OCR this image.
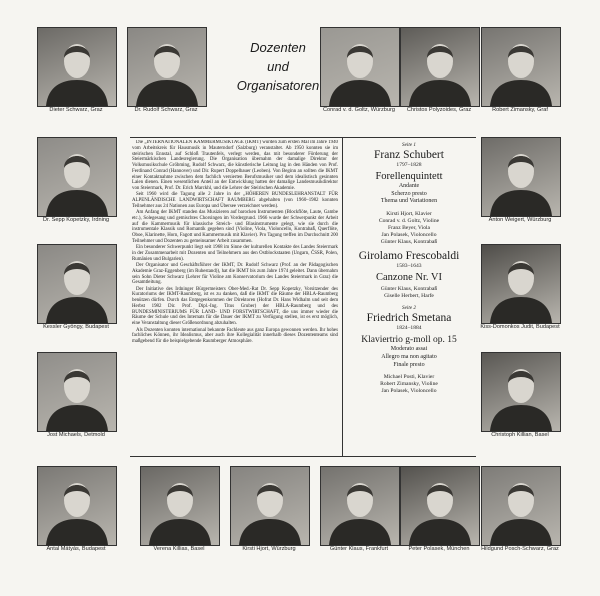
Dozenten
und
Organisatoren
Dieter Schwarz, Graz	Dr. Rudolf Schwarz, Graz	Conrad v. d. Goltz, Würzburg	Christos Polyzoides, Graz	Robert Zimansky, Graf
Dr. Sepp Kopetzky, Irdning	Anton Weigert, Würzburg
Kessler Gyöngy, Budapest	Kiss-Domonkos Judit, Budapest
Jost Michaels, Detmold	Christoph Killian, Basel
Antal Mátyás, Budapest	Verena Killias, Basel	Kirsti Hjort, Würzburg	Günter Klaus, Frankfurt	Peter Polasek, München	Hildgund Posch-Schwarz, Graz

Die „INTERNATIONALEN KAMMERMUSIKTAGE (IKMT) wurden zum ersten Mal im Jahre 1940 vom Arbeitskreis für Hausmusik in Mauterndorf (Salzburg) veranstaltet. Ab 1950 konnten sie im steirischen Ennstal, auf Schloß Trautenfels, verlegt werden, das mit besonderer Förderung der Steiermärkischen Landesregierung. Die Organisation übernahm der damalige Direktor der Volksmusikschule Gröbming, Rudolf Schwarz, die künstlerische Leitung lag in den Händen von Prof. Ferdinand Conrad (Hannover) und Dir. Rupert Doppelbauer (Leoben). Von Beginn an sollten die IKMT einer Kontaktnahme zwischen dem fachlich versierten Berufsmusiker und dem idealistisch gesinnten Laien dienen. Einen wesentlichen Anteil an der Entwicklung hatten der damalige Landesmusikdirektor von Steiermark, Prof. Dr. Erich Marckhl, und die Lehrer der Steirischen Akademie.

Seit 1960 wird die Tagung alle 2 Jahre in der „HÖHEREN BUNDESLEHRANSTALT FÜR ALPENLÄNDISCHE LANDWIRTSCHAFT RAUMBERG abgehalten (von 1960–1982 konnten Teilnehmer aus 24 Nationen aus Europa und Übersee verzeichnet werden).

Am Anfang der IKMT standen das Musizieren auf barocken Instrumenten (Blockflöte, Laute, Gambe etc.), Solegesang und gemischtes Chorsingen im Vordergrund. 1966 wurde der Schwerpunkt der Arbeit auf die Kammermusik für klassische Streich- und Blasinstrumente gelegt, wie sie durch die instrumentale Klassik und Romantik gegeben sind (Violine, Viola, Violoncello, Kontrabaß, Querflöte, Oboe, Klarinette, Horn, Fagott und Kammermusik mit Klavier). Pro Tagung treffen im Durchschnitt 200 Teilnehmer und Dozenten zu gemeinsamer Arbeit zusammen.

Ein besonderer Schwerpunkt liegt seit 1968 im Sinne der kulturellen Kontakte des Landes Steiermark in der Zusammenarbeit mit Dozenten und Teilnehmern aus den Ostblockstaaten (Ungarn, ČSSR, Polen, Rumänien und Bulgarien).

Der Organisator und Geschäftsführer der IKMT, Dr. Rudolf Schwarz (Prof. an der Pädagogischen Akademie Graz-Eggenberg (im Ruhestand)), hat die IKMT bis zum Jahre 1974 geleitet. Dann übernahm sein Sohn Dieter Schwarz (Lehrer für Violine am Konservatorium des Landes Steiermark in Graz) die Gesamtleitung.

Der Initiative des Irdninger Bürgermeisters Ober-Med.-Rat Dr. Sepp Kopetzky, Vorsitzender des Kuratoriums der IKMT-Raumberg, ist es zu danken, daß die IKMT die Räume der HBLA-Raumberg benützen dürfen. Durch das Entgegenkommen der Direktoren (Hofrat Dr. Hans Widhalm und seit dem Herbst 1982 Dir. Prof. Dipl.-Ing. Titus Gruber) der HBLA-Raumberg und des BUNDESMINISTERIUMS FÜR LAND- UND FORSTWIRTSCHAFT, die uns immer wieder die Räume der Schule und des Internats für die Dauer der IKMT zu Verfügung stellen, ist es erst möglich, eine Veranstaltung dieser Größenordnung abzuhalten.

Als Dozenten konnten international bekannte Fachleute aus ganz Europa gewonnen werden. Ihr hohes fachliches Können, ihr Idealismus, aber auch ihre Kollegialität innerhalb dieses Dozententeams sind maßgebend für die beispielgebende Raumberger Atmosphäre.

Seite 1
Franz Schubert
1797–1828
Forellenquintett
Andante
Scherzo presto
Thema und Variationen
Kirsti Hjort, Klavier
Conrad v. d. Goltz, Violine
Franz Beyer, Viola
Jan Polasek, Violoncello
Günter Klaus, Kontrabaß
Girolamo Frescobaldi
1583–1643
Canzone Nr. VI
Günter Klaus, Kontrabaß
Giselle Herbert, Harfe
Seite 2
Friedrich Smetana
1824–1884
Klaviertrio g-moll op. 15
Moderato assai
Allegro ma non agitato
Finale presto
Michael Posti, Klavier
Robert Zimansky, Violine
Jan Polasek, Violoncello
